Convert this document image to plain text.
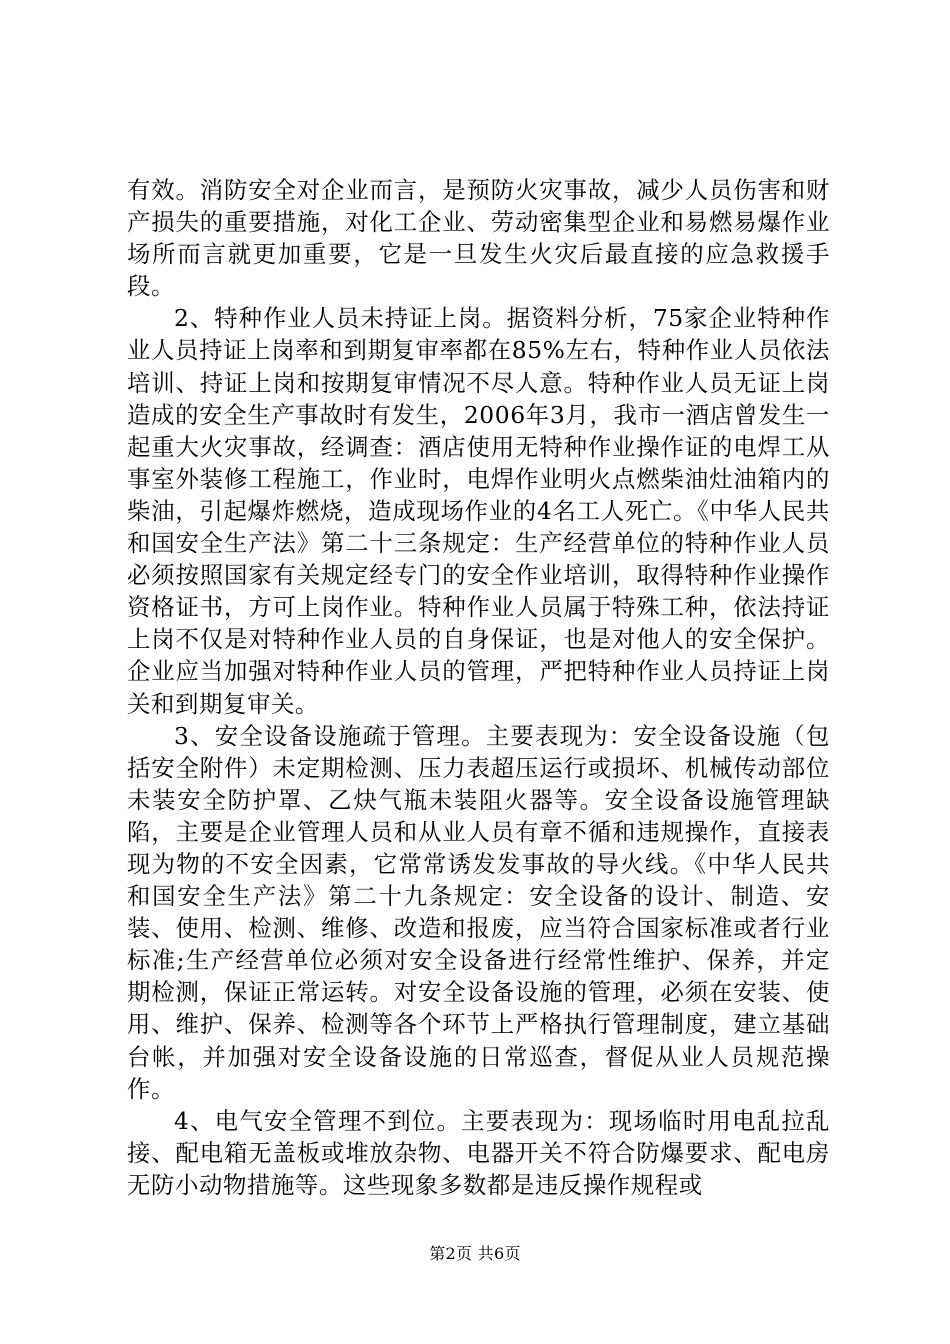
有效。消防安全对企业而言，是预防火灾事故，减少人员伤害和财产损失的重要措施，对化工企业、劳动密集型企业和易燃易爆作业场所而言就更加重要，它是一旦发生火灾后最直接的应急救援手段。

2、特种作业人员未持证上岗。据资料分析，75家企业特种作业人员持证上岗率和到期复审率都在85%左右，特种作业人员依法培训、持证上岗和按期复审情况不尽人意。特种作业人员无证上岗造成的安全生产事故时有发生，2006年3月，我市一酒店曾发生一起重大火灾事故，经调查：酒店使用无特种作业操作证的电焊工从事室外装修工程施工，作业时，电焊作业明火点燃柴油灶油箱内的柴油，引起爆炸燃烧，造成现场作业的4名工人死亡。《中华人民共和国安全生产法》第二十三条规定：生产经营单位的特种作业人员必须按照国家有关规定经专门的安全作业培训，取得特种作业操作资格证书，方可上岗作业。特种作业人员属于特殊工种，依法持证上岗不仅是对特种作业人员的自身保证，也是对他人的安全保护。企业应当加强对特种作业人员的管理，严把特种作业人员持证上岗关和到期复审关。

3、安全设备设施疏于管理。主要表现为：安全设备设施（包括安全附件）未定期检测、压力表超压运行或损坏、机械传动部位未装安全防护罩、乙炔气瓶未装阻火器等。安全设备设施管理缺陷，主要是企业管理人员和从业人员有章不循和违规操作，直接表现为物的不安全因素，它常常诱发发事故的导火线。《中华人民共和国安全生产法》第二十九条规定：安全设备的设计、制造、安装、使用、检测、维修、改造和报废，应当符合国家标准或者行业标准;生产经营单位必须对安全设备进行经常性维护、保养，并定期检测，保证正常运转。对安全设备设施的管理，必须在安装、使用、维护、保养、检测等各个环节上严格执行管理制度，建立基础台帐，并加强对安全设备设施的日常巡查，督促从业人员规范操作。

4、电气安全管理不到位。主要表现为：现场临时用电乱拉乱接、配电箱无盖板或堆放杂物、电器开关不符合防爆要求、配电房无防小动物措施等。这些现象多数都是违反操作规程或

第2页 共6页
